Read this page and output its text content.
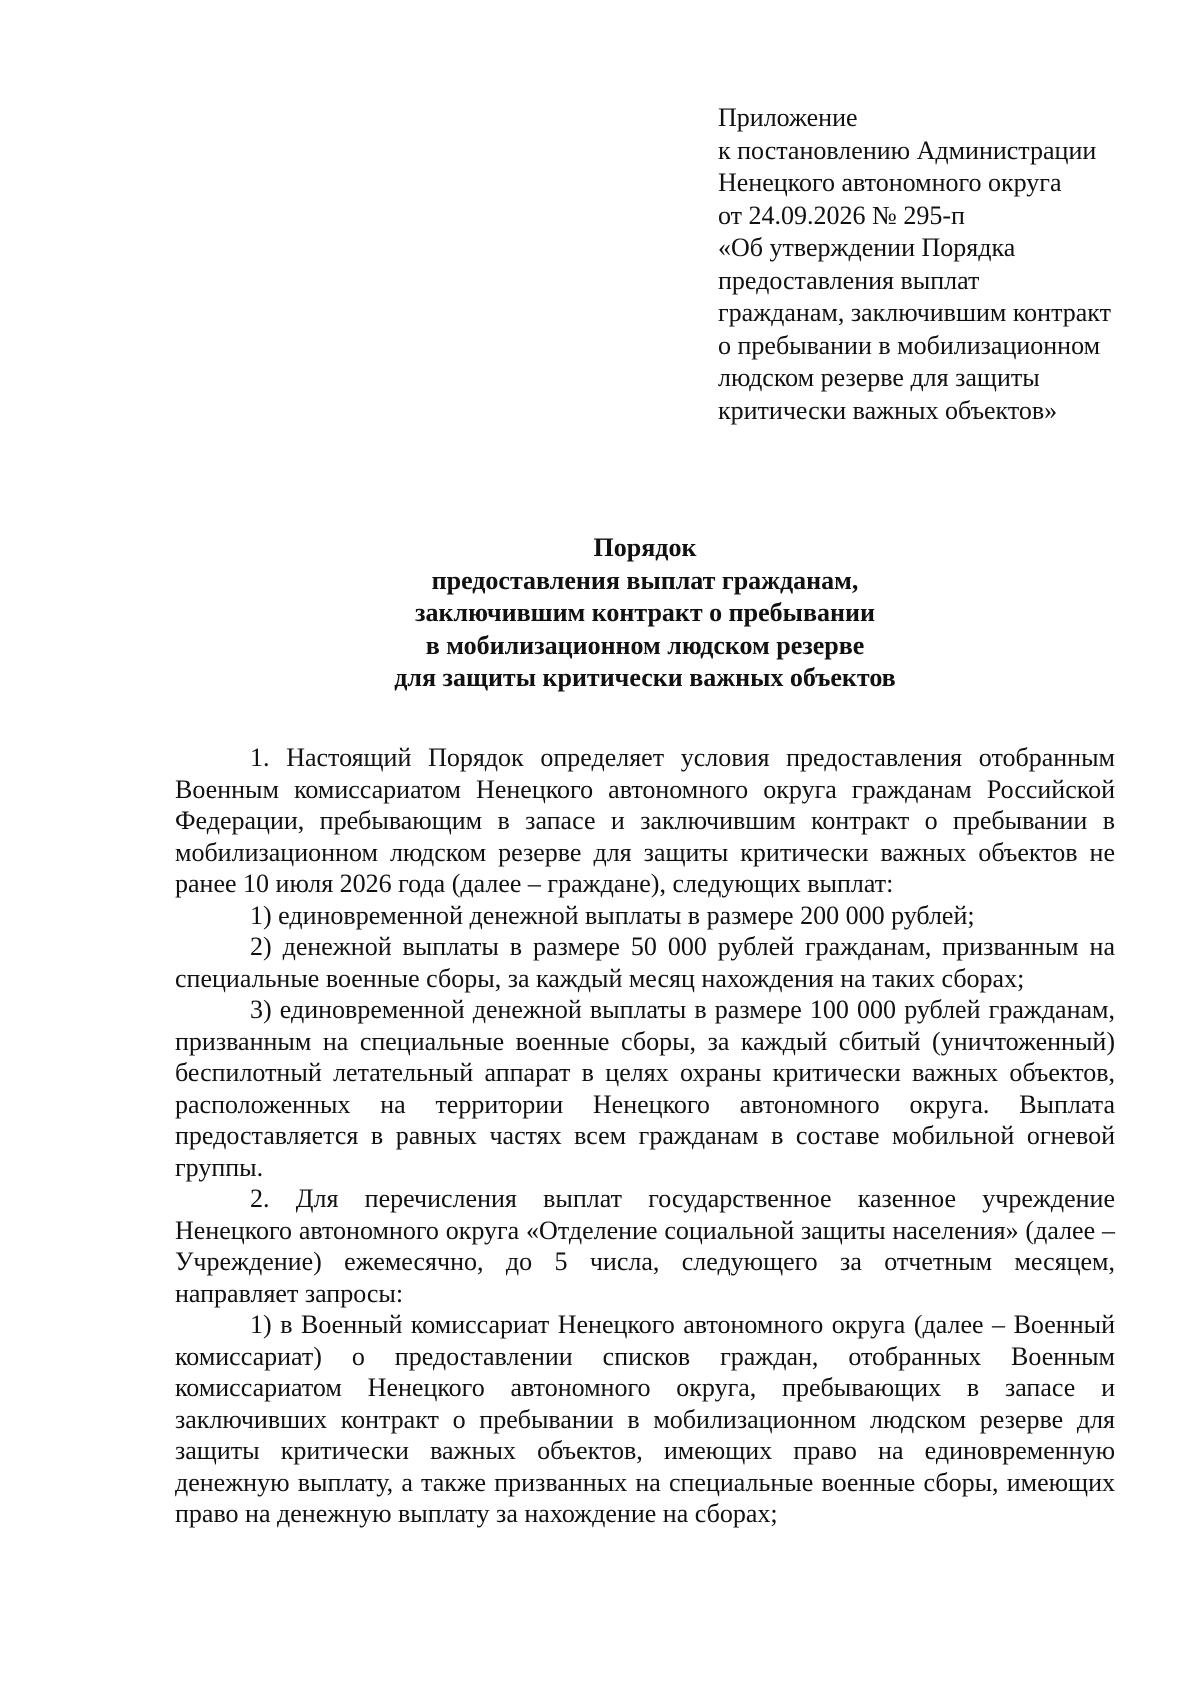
Приложение
к постановлению Администрации
Ненецкого автономного округа
от 24.09.2026 № 295-п
«Об утверждении Порядка
предоставления выплат
гражданам, заключившим контракт
о пребывании в мобилизационном
людском резерве для защиты
критически важных объектов»
Порядок
предоставления выплат гражданам,
заключившим контракт о пребывании
в мобилизационном людском резерве
для защиты критически важных объектов

1. Настоящий Порядок определяет условия предоставления отобранным Военным комиссариатом Ненецкого автономного округа гражданам Российской Федерации, пребывающим в запасе и заключившим контракт о пребывании в мобилизационном людском резерве для защиты критически важных объектов не ранее 10 июля 2026 года (далее – граждане), следующих выплат:

1) единовременной денежной выплаты в размере 200 000 рублей;

2) денежной выплаты в размере 50 000 рублей гражданам, призванным на специальные военные сборы, за каждый месяц нахождения на таких сборах;

3) единовременной денежной выплаты в размере 100 000 рублей гражданам, призванным на специальные военные сборы, за каждый сбитый (уничтоженный) беспилотный летательный аппарат в целях охраны критически важных объектов, расположенных на территории Ненецкого автономного округа. Выплата предоставляется в равных частях всем гражданам в составе мобильной огневой группы.

2. Для перечисления выплат государственное казенное учреждение Ненецкого автономного округа «Отделение социальной защиты населения» (далее – Учреждение) ежемесячно, до 5 числа, следующего за отчетным месяцем, направляет запросы:

1) в Военный комиссариат Ненецкого автономного округа (далее – Военный комиссариат) о предоставлении списков граждан, отобранных Военным комиссариатом Ненецкого автономного округа, пребывающих в запасе и заключивших контракт о пребывании в мобилизационном людском резерве для защиты критически важных объектов, имеющих право на единовременную денежную выплату, а также призванных на специальные военные сборы, имеющих право на денежную выплату за нахождение на сборах;
